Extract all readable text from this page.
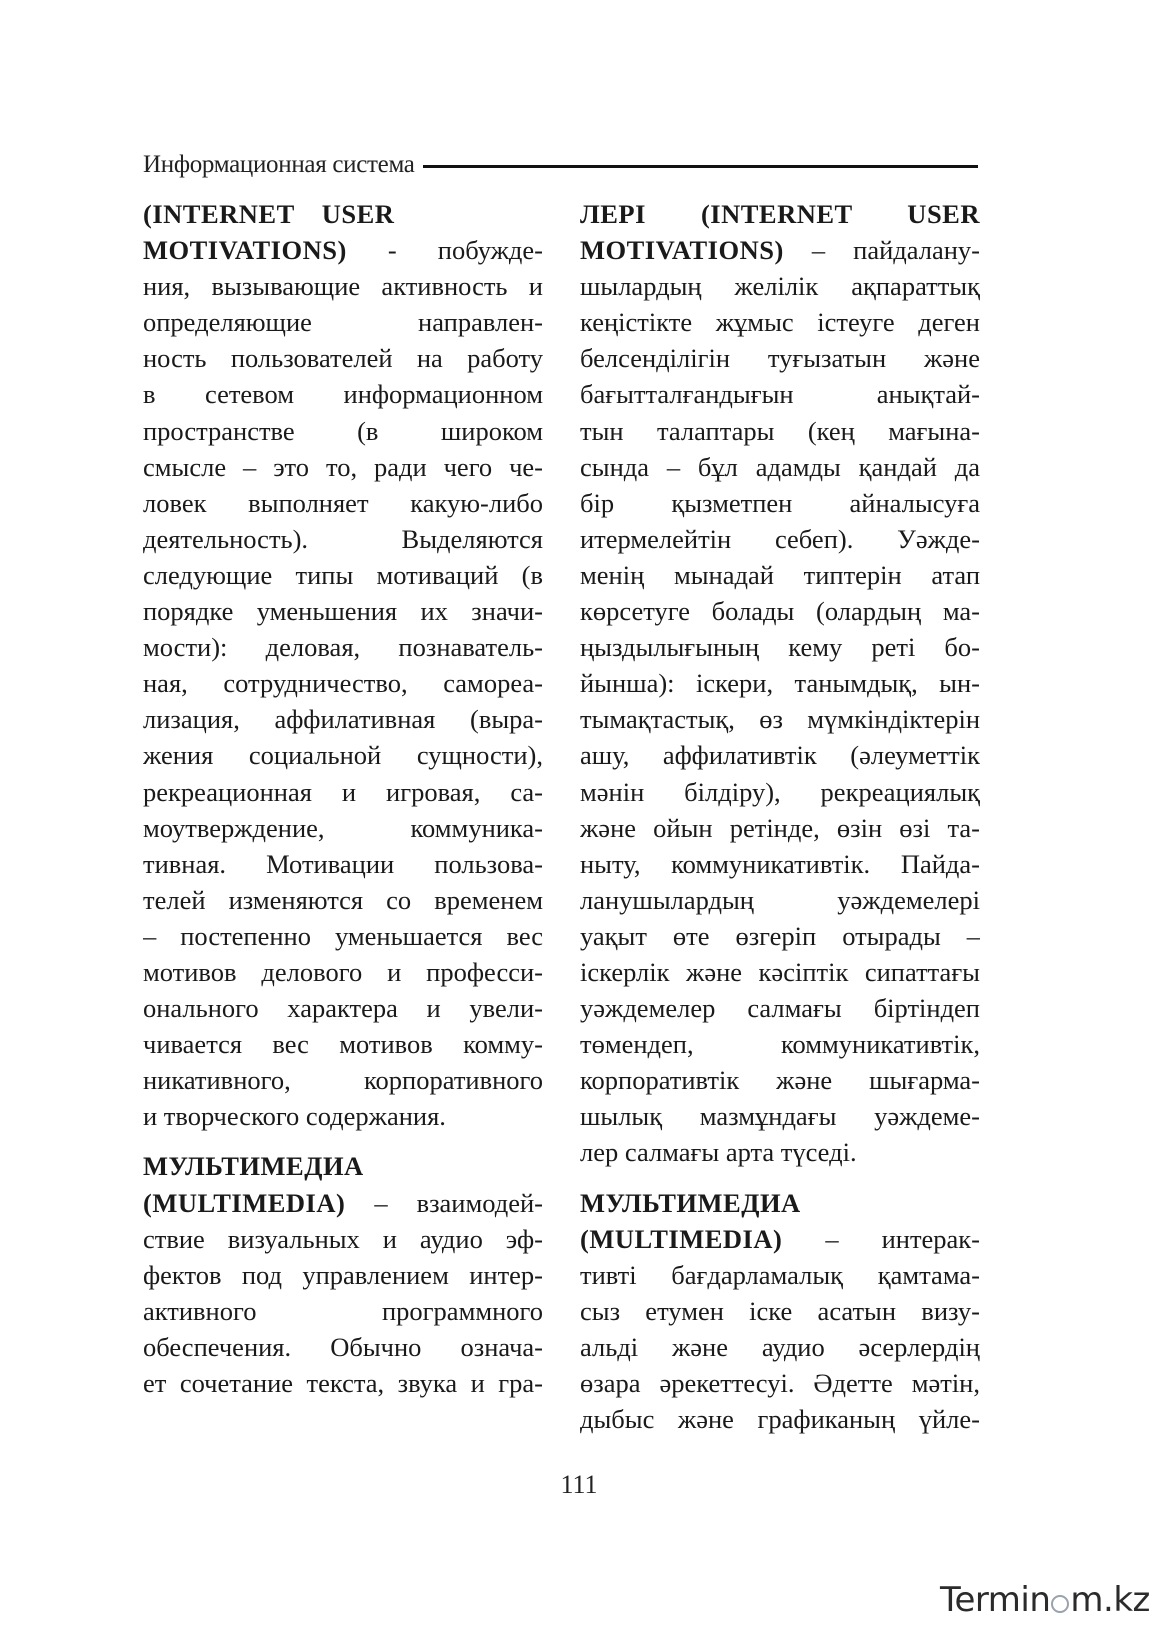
Информационная система
(INTERNET USER
MOTIVATIONS) - побужде-
ния, вызывающие активность и
определяющие направлен-
ность пользователей на работу
в сетевом информационном
пространстве (в широком
смысле – это то, ради чего че-
ловек выполняет какую-либо
деятельность). Выделяются
следующие типы мотиваций (в
порядке уменьшения их значи-
мости): деловая, познаватель-
ная, сотрудничество, самореа-
лизация, аффилативная (выра-
жения социальной сущности),
рекреационная и игровая, са-
моутверждение, коммуника-
тивная. Мотивации пользова-
телей изменяются со временем
– постепенно уменьшается вес
мотивов делового и професси-
онального характера и увели-
чивается вес мотивов комму-
никативного, корпоративного
и творческого содержания.
МУЛЬТИМЕДИА
(MULTIMEDIA) – взаимодей-
ствие визуальных и аудио эф-
фектов под управлением интер-
активного программного
обеспечения. Обычно означа-
ет сочетание текста, звука и гра-
ЛЕРІ (INTERNET USER
MOTIVATIONS) – пайдалану-
шылардың желілік ақпараттық
кеңістікте жұмыс істеуге деген
белсенділігін туғызатын және
бағытталғандығын анықтай-
тын талаптары (кең мағына-
сында – бұл адамды қандай да
бір қызметпен айналысуға
итермелейтін себеп). Уәжде-
менің мынадай типтерін атап
көрсетуге болады (олардың ма-
ңыздылығының кему реті бо-
йынша): іскери, танымдық, ын-
тымақтастық, өз мүмкіндіктерін
ашу, аффилативтік (әлеуметтік
мәнін білдіру), рекреациялық
және ойын ретінде, өзін өзі та-
ныту, коммуникативтік. Пайда-
ланушылардың уәждемелері
уақыт өте өзгеріп отырады –
іскерлік және кәсіптік сипаттағы
уәждемелер салмағы біртіндеп
төмендеп, коммуникативтік,
корпоративтік және шығарма-
шылық мазмұндағы уәждеме-
лер салмағы арта түседі.
МУЛЬТИМЕДИА
(MULTIMEDIA) – интерак-
тивті бағдарламалық қамтама-
сыз етумен іске асатын визу-
альді және аудио әсерлердің
өзара әрекеттесуі. Әдетте мәтін,
дыбыс және графиканың үйле-
111
Termin m.kz
